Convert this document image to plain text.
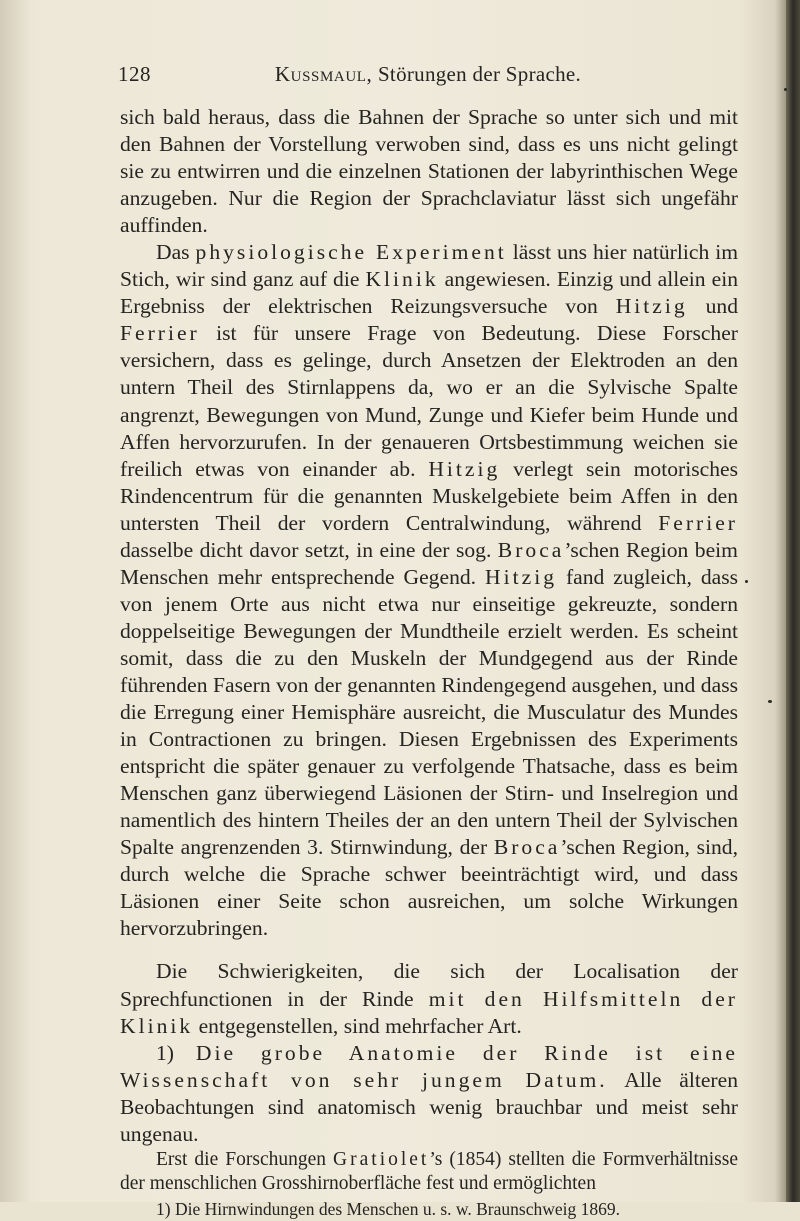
128	Kussmaul, Störungen der Sprache.

sich bald heraus, dass die Bahnen der Sprache so unter sich und mit den Bahnen der Vorstellung verwoben sind, dass es uns nicht gelingt sie zu entwirren und die einzelnen Stationen der labyrinthischen Wege anzugeben. Nur die Region der Sprachclaviatur lässt sich ungefähr auffinden.

Das physiologische Experiment lässt uns hier natürlich im Stich, wir sind ganz auf die Klinik angewiesen. Einzig und allein ein Ergebniss der elektrischen Reizungsversuche von Hitzig und Ferrier ist für unsere Frage von Bedeutung. Diese Forscher versichern, dass es gelinge, durch Ansetzen der Elektroden an den untern Theil des Stirnlappens da, wo er an die Sylvische Spalte angrenzt, Bewegungen von Mund, Zunge und Kiefer beim Hunde und Affen hervorzurufen. In der genaueren Ortsbestimmung weichen sie freilich etwas von einander ab. Hitzig verlegt sein motorisches Rindencentrum für die genannten Muskelgebiete beim Affen in den untersten Theil der vordern Centralwindung, während Ferrier dasselbe dicht davor setzt, in eine der sog. Broca’schen Region beim Menschen mehr entsprechende Gegend. Hitzig fand zugleich, dass von jenem Orte aus nicht etwa nur einseitige gekreuzte, sondern doppelseitige Bewegungen der Mundtheile erzielt werden. Es scheint somit, dass die zu den Muskeln der Mundgegend aus der Rinde führenden Fasern von der genannten Rindengegend ausgehen, und dass die Erregung einer Hemisphäre ausreicht, die Musculatur des Mundes in Contractionen zu bringen. Diesen Ergebnissen des Experiments entspricht die später genauer zu verfolgende Thatsache, dass es beim Menschen ganz überwiegend Läsionen der Stirn- und Inselregion und namentlich des hintern Theiles der an den untern Theil der Sylvischen Spalte angrenzenden 3. Stirnwindung, der Broca’schen Region, sind, durch welche die Sprache schwer beeinträchtigt wird, und dass Läsionen einer Seite schon ausreichen, um solche Wirkungen hervorzubringen.

Die Schwierigkeiten, die sich der Localisation der Sprechfunctionen in der Rinde mit den Hilfsmitteln der Klinik entgegenstellen, sind mehrfacher Art.

1) Die grobe Anatomie der Rinde ist eine Wissenschaft von sehr jungem Datum. Alle älteren Beobachtungen sind anatomisch wenig brauchbar und meist sehr ungenau.

Erst die Forschungen Gratiolet’s (1854) stellten die Formverhältnisse der menschlichen Grosshirnoberfläche fest und ermöglichten

1) Die Hirnwindungen des Menschen u. s. w. Braunschweig 1869.
